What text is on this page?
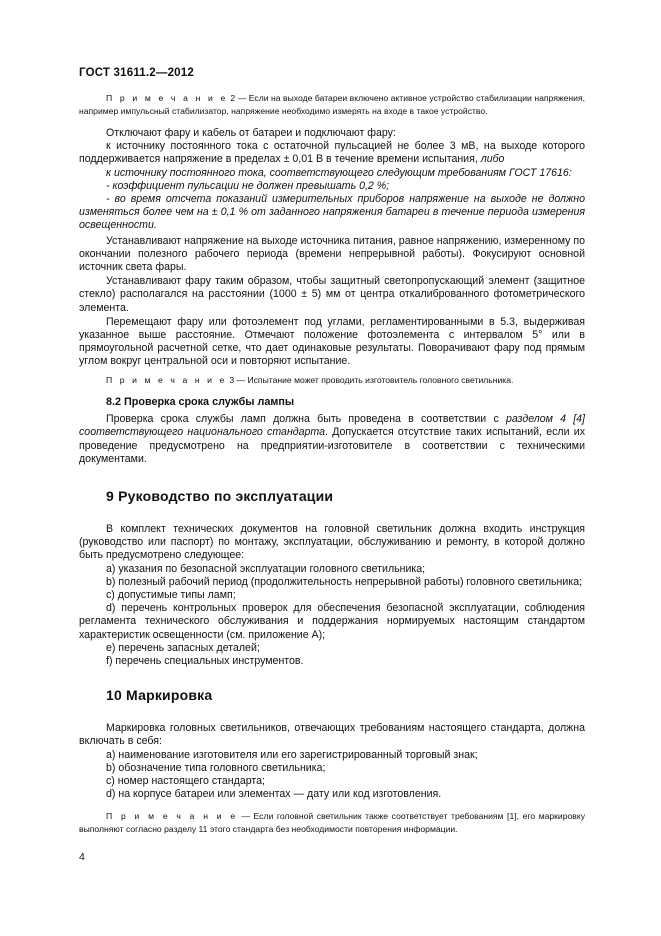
ГОСТ 31611.2—2012

П р и м е ч а н и е 2 — Если на выходе батареи включено активное устройство стабилизации напряжения, например импульсный стабилизатор, напряжение необходимо измерять на входе в такое устройство.

Отключают фару и кабель от батареи и подключают фару:

к источнику постоянного тока с остаточной пульсацией не более 3 мВ, на выходе которого поддерживается напряжение в пределах ± 0,01 В в течение времени испытания, либо

к источнику постоянного тока, соответствующего следующим требованиям ГОСТ 17616:

- коэффициент пульсации не должен превышать 0,2 %;

- во время отсчета показаний измерительных приборов напряжение на выходе не должно изменяться более чем на ± 0,1 % от заданного напряжения батареи в течение периода измерения освещенности.

Устанавливают напряжение на выходе источника питания, равное напряжению, измеренному по окончании полезного рабочего периода (времени непрерывной работы). Фокусируют основной источник света фары.

Устанавливают фару таким образом, чтобы защитный светопропускающий элемент (защитное стекло) располагался на расстоянии (1000 ± 5) мм от центра откалиброванного фотометрического элемента.

Перемещают фару или фотоэлемент под углами, регламентированными в 5.3, выдерживая указанное выше расстояние. Отмечают положение фотоэлемента с интервалом 5° или в прямоугольной расчетной сетке, что дает одинаковые результаты. Поворачивают фару под прямым углом вокруг центральной оси и повторяют испытание.

П р и м е ч а н и е 3 — Испытание может проводить изготовитель головного светильника.

8.2 Проверка срока службы лампы

Проверка срока службы ламп должна быть проведена в соответствии с разделом 4 [4] соответствующего национального стандарта. Допускается отсутствие таких испытаний, если их проведение предусмотрено на предприятии-изготовителе в соответствии с техническими документами.

9 Руководство по эксплуатации

В комплект технических документов на головной светильник должна входить инструкция (руководство или паспорт) по монтажу, эксплуатации, обслуживанию и ремонту, в которой должно быть предусмотрено следующее:

a) указания по безопасной эксплуатации головного светильника;

b) полезный рабочий период (продолжительность непрерывной работы) головного светильника;

c) допустимые типы ламп;

d) перечень контрольных проверок для обеспечения безопасной эксплуатации, соблюдения регламента технического обслуживания и поддержания нормируемых настоящим стандартом характеристик освещенности (см. приложение А);

e) перечень запасных деталей;

f) перечень специальных инструментов.

10 Маркировка

Маркировка головных светильников, отвечающих требованиям настоящего стандарта, должна включать в себя:

a) наименование изготовителя или его зарегистрированный торговый знак;

b) обозначение типа головного светильника;

c) номер настоящего стандарта;

d) на корпусе батареи или элементах — дату или код изготовления.

П р и м е ч а н и е — Если головной светильник также соответствует требованиям [1], его маркировку выполняют согласно разделу 11 этого стандарта без необходимости повторения информации.

4
